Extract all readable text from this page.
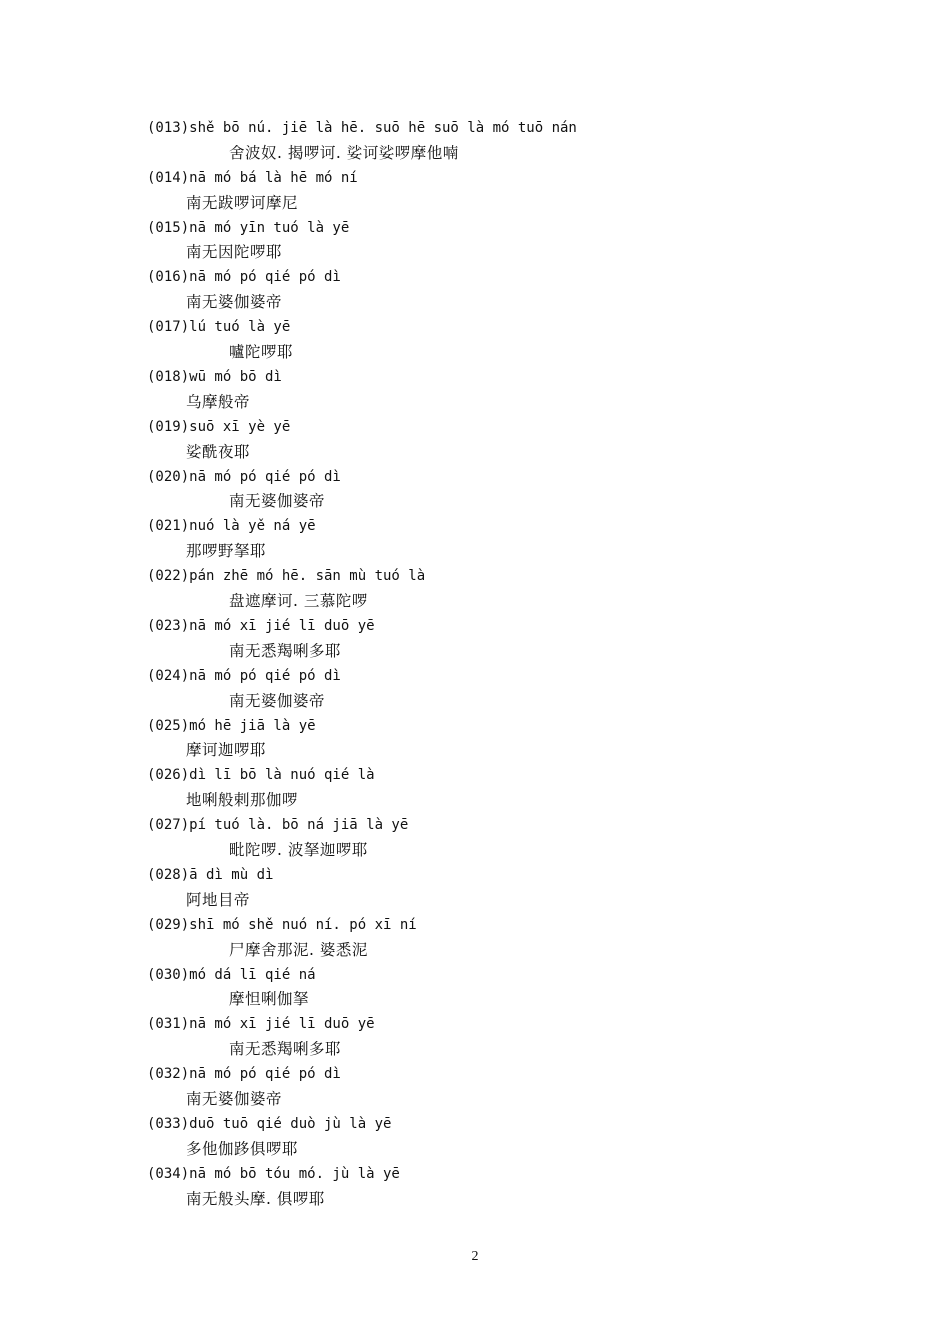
(013)shě bō nú. jiē là hē. suō hē suō là mó tuō nán
舍波奴. 揭啰诃. 娑诃娑啰摩他喃
(014)nā mó bá là hē mó ní
南无跋啰诃摩尼
(015)nā mó yīn tuó là yē
南无因陀啰耶
(016)nā mó pó qié pó dì
南无婆伽婆帝
(017)lú tuó là yē
嚧陀啰耶
(018)wū mó bō dì
乌摩般帝
(019)suō xī yè yē
娑酰夜耶
(020)nā mó pó qié pó dì
南无婆伽婆帝
(021)nuó là yě ná yē
那啰野拏耶
(022)pán zhē mó hē. sān mù tuó là
盘遮摩诃. 三慕陀啰
(023)nā mó xī jié lī duō yē
南无悉羯唎多耶
(024)nā mó pó qié pó dì
南无婆伽婆帝
(025)mó hē jiā là yē
摩诃迦啰耶
(026)dì lī bō là nuó qié là
地唎般剌那伽啰
(027)pí tuó là. bō ná jiā là yē
毗陀啰. 波拏迦啰耶
(028)ā dì mù dì
阿地目帝
(029)shī mó shě nuó ní. pó xī ní
尸摩舍那泥. 婆悉泥
(030)mó dá lī qié ná
摩怛唎伽拏
(031)nā mó xī jié lī duō yē
南无悉羯唎多耶
(032)nā mó pó qié pó dì
南无婆伽婆帝
(033)duō tuō qié duò jù là yē
多他伽跢俱啰耶
(034)nā mó bō tóu mó. jù là yē
南无般头摩. 俱啰耶
2
